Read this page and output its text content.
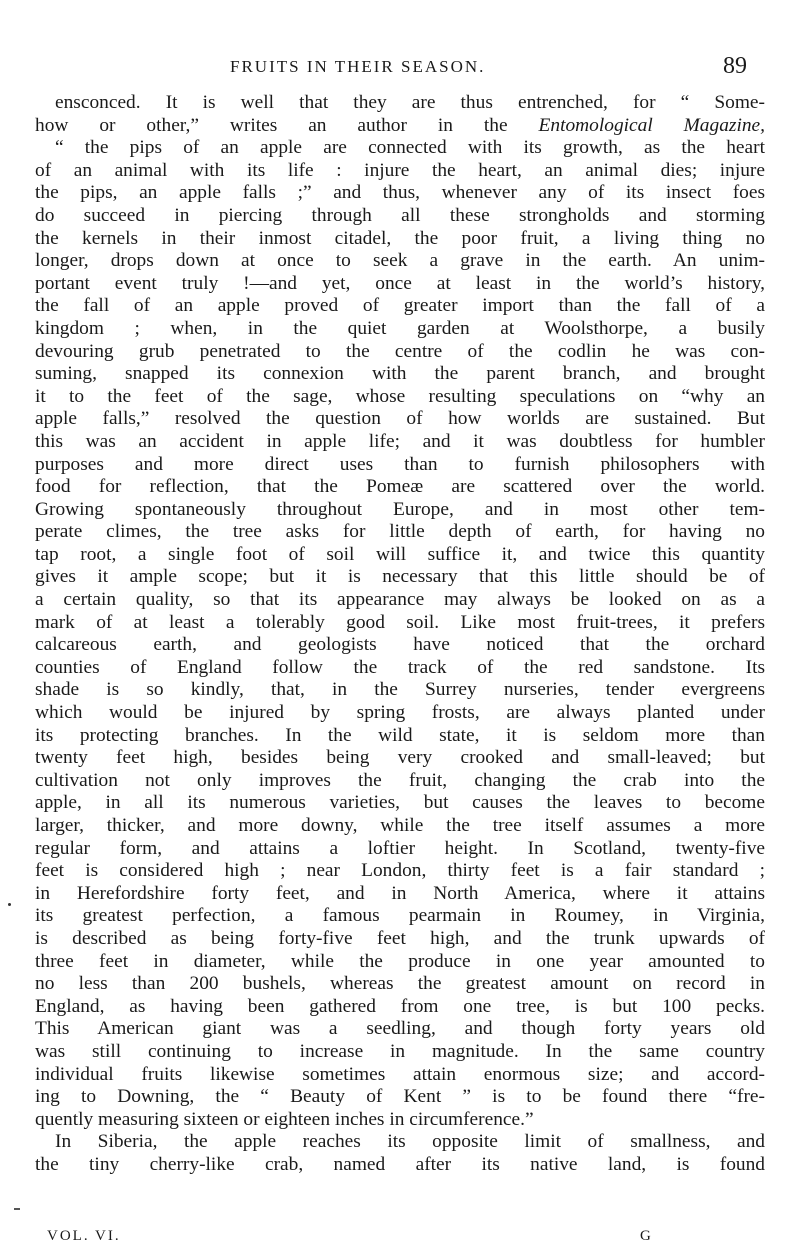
FRUITS IN THEIR SEASON.	89
ensconced. It is well that they are thus entrenched, for “ Some-
how or other,” writes an author in the Entomological Magazine,
“ the pips of an apple are connected with its growth, as the heart
of an animal with its life : injure the heart, an animal dies; injure
the pips, an apple falls ;” and thus, whenever any of its insect foes
do succeed in piercing through all these strongholds and storming
the kernels in their inmost citadel, the poor fruit, a living thing no
longer, drops down at once to seek a grave in the earth. An unim-
portant event truly !—and yet, once at least in the world’s history,
the fall of an apple proved of greater import than the fall of a
kingdom ; when, in the quiet garden at Woolsthorpe, a busily
devouring grub penetrated to the centre of the codlin he was con-
suming, snapped its connexion with the parent branch, and brought
it to the feet of the sage, whose resulting speculations on “why an
apple falls,” resolved the question of how worlds are sustained. But
this was an accident in apple life; and it was doubtless for humbler
purposes and more direct uses than to furnish philosophers with
food for reflection, that the Pomeæ are scattered over the world.
Growing spontaneously throughout Europe, and in most other tem-
perate climes, the tree asks for little depth of earth, for having no
tap root, a single foot of soil will suffice it, and twice this quantity
gives it ample scope; but it is necessary that this little should be of
a certain quality, so that its appearance may always be looked on as a
mark of at least a tolerably good soil. Like most fruit-trees, it prefers
calcareous earth, and geologists have noticed that the orchard
counties of England follow the track of the red sandstone. Its
shade is so kindly, that, in the Surrey nurseries, tender evergreens
which would be injured by spring frosts, are always planted under
its protecting branches. In the wild state, it is seldom more than
twenty feet high, besides being very crooked and small-leaved; but
cultivation not only improves the fruit, changing the crab into the
apple, in all its numerous varieties, but causes the leaves to become
larger, thicker, and more downy, while the tree itself assumes a more
regular form, and attains a loftier height. In Scotland, twenty-five
feet is considered high ; near London, thirty feet is a fair standard ;
in Herefordshire forty feet, and in North America, where it attains
its greatest perfection, a famous pearmain in Roumey, in Virginia,
is described as being forty-five feet high, and the trunk upwards of
three feet in diameter, while the produce in one year amounted to
no less than 200 bushels, whereas the greatest amount on record in
England, as having been gathered from one tree, is but 100 pecks.
This American giant was a seedling, and though forty years old
was still continuing to increase in magnitude. In the same country
individual fruits likewise sometimes attain enormous size; and accord-
ing to Downing, the “ Beauty of Kent ” is to be found there “fre-
quently measuring sixteen or eighteen inches in circumference.”
In Siberia, the apple reaches its opposite limit of smallness, and
the tiny cherry-like crab, named after its native land, is found
VOL. VI.	G
